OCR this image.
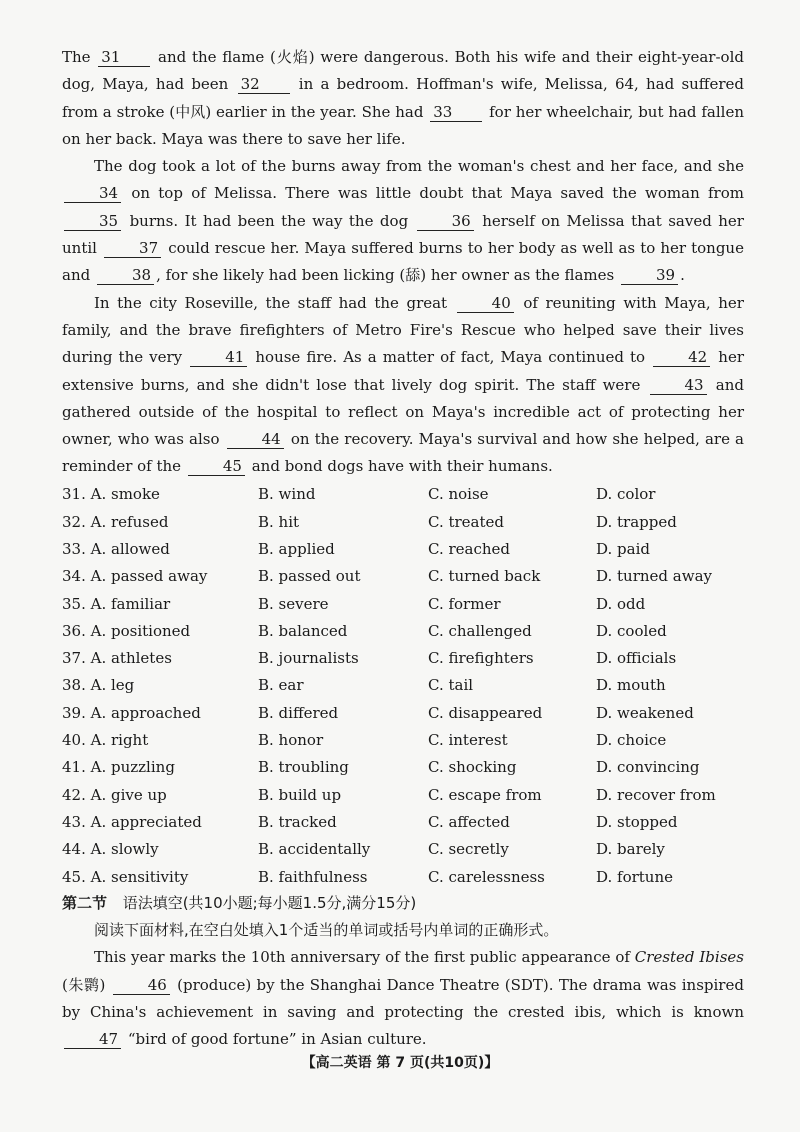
The 31	and the flame (火焰) were dangerous. Both his wife and their eight-year-old dog, Maya, had been 32	in a bedroom. Hoffman's wife, Melissa, 64, had suffered from a stroke (中风) earlier in the year. She had 33 for her wheelchair, but had fallen on her back. Maya was there to save her life.

The dog took a lot of the burns away from the woman's chest and her face, and she 34 on top of Melissa. There was little doubt that Maya saved the woman from 35 burns. It had been the way the dog	36 herself on Melissa that saved her until	37 could rescue her. Maya suffered burns to her body as well as to her tongue and	38 , for she likely had been licking (舔) her owner as the flames	39 .

In the city Roseville, the staff had the great	40 of reuniting with Maya, her family, and the brave firefighters of Metro Fire's Rescue who helped save their lives during the very	41 house fire. As a matter of fact, Maya continued to	42 her extensive burns, and she didn't lose that lively dog spirit. The staff were	43 and gathered outside of the hospital to reflect on Maya's incredible act of protecting her owner, who was also	44 on the recovery. Maya's survival and how she helped, are a reminder of the	45 and bond dogs have with their humans.

31. A. smoke	B. wind	C. noise	D. color
32. A. refused	B. hit	C. treated	D. trapped
33. A. allowed	B. applied	C. reached	D. paid
34. A. passed away	B. passed out	C. turned back	D. turned away
35. A. familiar	B. severe	C. former	D. odd
36. A. positioned	B. balanced	C. challenged	D. cooled
37. A. athletes	B. journalists	C. firefighters	D. officials
38. A. leg	B. ear	C. tail	D. mouth
39. A. approached	B. differed	C. disappeared	D. weakened
40. A. right	B. honor	C. interest	D. choice
41. A. puzzling	B. troubling	C. shocking	D. convincing
42. A. give up	B. build up	C. escape from	D. recover from
43. A. appreciated	B. tracked	C. affected	D. stopped
44. A. slowly	B. accidentally	C. secretly	D. barely
45. A. sensitivity	B. faithfulness	C. carelessness	D. fortune
第二节 语法填空(共10小题;每小题1.5分,满分15分)
阅读下面材料,在空白处填入1个适当的单词或括号内单词的正确形式。

This year marks the 10th anniversary of the first public appearance of Crested Ibises (朱鹮)	46 (produce) by the Shanghai Dance Theatre (SDT). The drama was inspired by China's achievement in saving and protecting the crested ibis, which is known 47 “bird of good fortune” in Asian culture.

【高二英语 第 7 页(共10页)】
